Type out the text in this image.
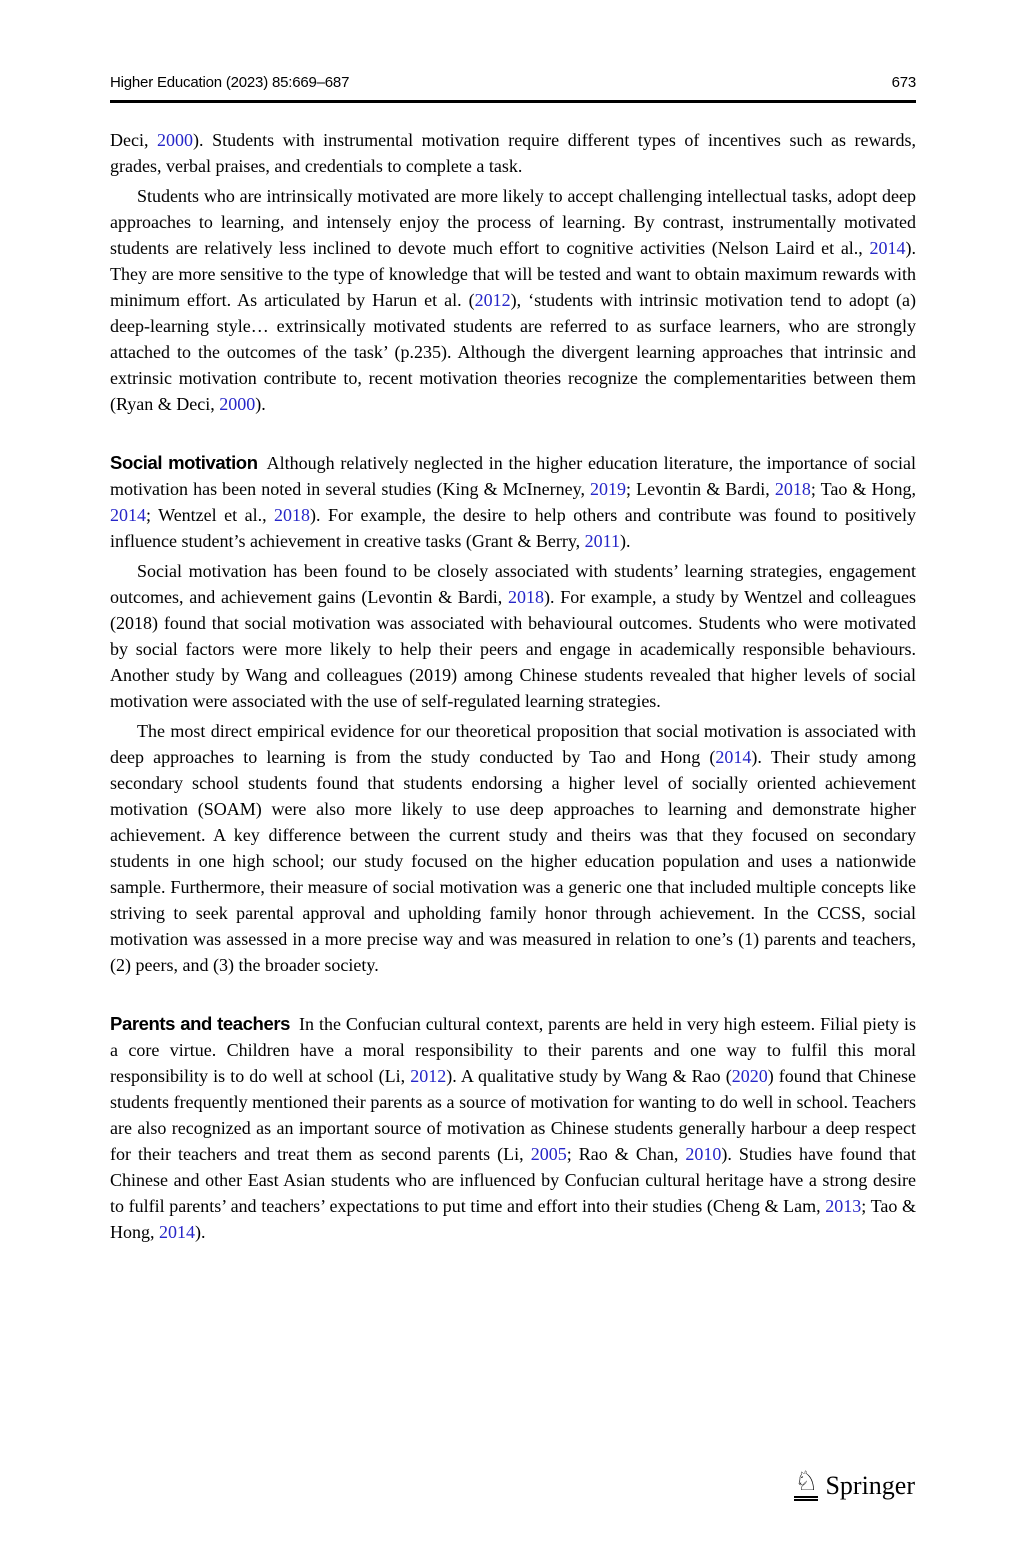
Higher Education (2023) 85:669–687	673

Deci, 2000). Students with instrumental motivation require different types of incentives such as rewards, grades, verbal praises, and credentials to complete a task.

Students who are intrinsically motivated are more likely to accept challenging intellectual tasks, adopt deep approaches to learning, and intensely enjoy the process of learning. By contrast, instrumentally motivated students are relatively less inclined to devote much effort to cognitive activities (Nelson Laird et al., 2014). They are more sensitive to the type of knowledge that will be tested and want to obtain maximum rewards with minimum effort. As articulated by Harun et al. (2012), ‘students with intrinsic motivation tend to adopt (a) deep-learning style… extrinsically motivated students are referred to as surface learners, who are strongly attached to the outcomes of the task’ (p.235). Although the divergent learning approaches that intrinsic and extrinsic motivation contribute to, recent motivation theories recognize the complementarities between them (Ryan & Deci, 2000).

Social motivation Although relatively neglected in the higher education literature, the importance of social motivation has been noted in several studies (King & McInerney, 2019; Levontin & Bardi, 2018; Tao & Hong, 2014; Wentzel et al., 2018). For example, the desire to help others and contribute was found to positively influence student’s achievement in creative tasks (Grant & Berry, 2011).

Social motivation has been found to be closely associated with students’ learning strategies, engagement outcomes, and achievement gains (Levontin & Bardi, 2018). For example, a study by Wentzel and colleagues (2018) found that social motivation was associated with behavioural outcomes. Students who were motivated by social factors were more likely to help their peers and engage in academically responsible behaviours. Another study by Wang and colleagues (2019) among Chinese students revealed that higher levels of social motivation were associated with the use of self-regulated learning strategies.

The most direct empirical evidence for our theoretical proposition that social motivation is associated with deep approaches to learning is from the study conducted by Tao and Hong (2014). Their study among secondary school students found that students endorsing a higher level of socially oriented achievement motivation (SOAM) were also more likely to use deep approaches to learning and demonstrate higher achievement. A key difference between the current study and theirs was that they focused on secondary students in one high school; our study focused on the higher education population and uses a nationwide sample. Furthermore, their measure of social motivation was a generic one that included multiple concepts like striving to seek parental approval and upholding family honor through achievement. In the CCSS, social motivation was assessed in a more precise way and was measured in relation to one’s (1) parents and teachers, (2) peers, and (3) the broader society.

Parents and teachers In the Confucian cultural context, parents are held in very high esteem. Filial piety is a core virtue. Children have a moral responsibility to their parents and one way to fulfil this moral responsibility is to do well at school (Li, 2012). A qualitative study by Wang & Rao (2020) found that Chinese students frequently mentioned their parents as a source of motivation for wanting to do well in school. Teachers are also recognized as an important source of motivation as Chinese students generally harbour a deep respect for their teachers and treat them as second parents (Li, 2005; Rao & Chan, 2010). Studies have found that Chinese and other East Asian students who are influenced by Confucian cultural heritage have a strong desire to fulfil parents’ and teachers’ expectations to put time and effort into their studies (Cheng & Lam, 2013; Tao & Hong, 2014).

♘ Springer
